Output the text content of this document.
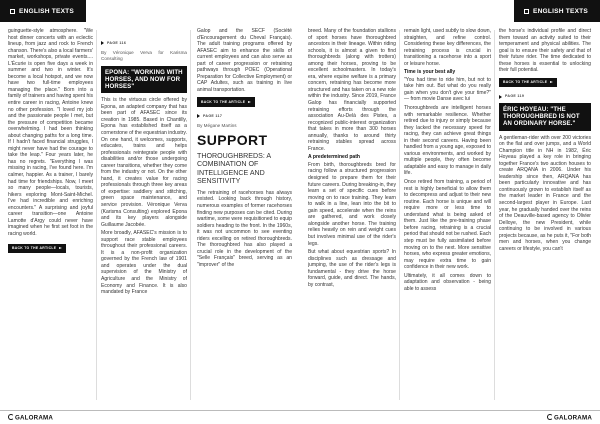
ENGLISH TEXTS

guinguette-style atmosphere. "We host dinner concerts with an eclectic lineup, from jazz and rock to French chanson. There's also a local farmers' market, workshops, private events.... L'Écurie is open five days a week in summer and two in winter. It's become a local hotspot, and we now have two full-time employees managing the place." Born into a family of trainers and having spent his entire career in racing, Antoine knew no other profession. "I loved my job and the passionate people I met, but the pressure of competition became overwhelming. I had been thinking about changing paths for a long time. If I hadn't faced financial struggles, I might never have had the courage to take the leap." Four years later, he has no regrets. "Everything I was missing in racing, I've found here. I'm calmer, happier. As a trainer, I barely had time for friendships. Now, I meet so many people—locals, tourists, hikers exploring Mont-Saint-Michel. I've had incredible and enriching encounters." A surprising and joyful career transition—one Antoine Lamotte d'Argy could never have imagined when he first set foot in the racing world.

BACK TO THE ARTICLE
PAGE 116
By Véronique Verva for Karisma Consulting
EPONA: "WORKING WITH HORSES, AND NOW FOR HORSES"

This is the virtuous circle offered by Epona, an adapted company that has been part of AFASEC since its creation in 1985. Based in Chantilly, Epona has established itself as a cornerstone of the equestrian industry. On one hand, it welcomes, supports, educates, trains and helps professionals reintegrate people with disabilities and/or those undergoing career transitions, whether they come from the industry or not. On the other hand, it creates value for racing professionals through three key areas of expertise: saddlery and stitching, green space maintenance, and service provision. Véronique Verva (Karisma Consulting) explored Epona and its key players alongside Guillaume Jacobée.

More broadly, AFASEC's mission is to support race stable employees throughout their professional careers. It is a non-profit organization governed by the French law of 1901 and operates under the dual supervision of the Ministry of Agriculture and the Ministry of Economy and Finance. It is also mandated by France

Galop and the SECF (Société d'Encouragement du Cheval Français). The adult training programs offered by AFASEC aim to enhance the skills of current employees and can also serve as part of career progression or retraining pathways through POEC (Operational Preparation for Collective Employment) or CAP Adultes, such as training in live animal transportation.

BACK TO THE ARTICLE
PAGE 117
By Mégane Martins
SUPPORT
THOROUGHBREDS: A COMBINATION OF INTELLIGENCE AND SENSITIVITY

The retraining of racehorses has always existed. Looking back through history, numerous examples of former racehorses finding new purposes can be cited. During wartime, some were requisitioned to equip soldiers heading to the front. In the 1960s, it was not uncommon to see eventing riders excelling on retired thoroughbreds. The thoroughbred has also played a crucial role in the development of the "Selle Français" breed, serving as an "improver" of the

GALORAMA
ENGLISH TEXTS

breed. Many of the foundation stallions of sport horses have thoroughbred ancestors in their lineage. Within riding schools, it is almost a given to find thoroughbreds (along with trotters) among their horses, proving to be excellent schoolmasters. In today's era, where equine welfare is a primary concern, retraining has become more structured and has taken on a new role within the industry. Since 2019, France Galop has financially supported retraining efforts through the association Au-Delà des Pistes, a recognized public-interest organization that takes in more than 300 horses annually, thanks to around thirty retraining stables spread across France.

A predetermined path

From birth, thoroughbreds bred for racing follow a structured progression designed to prepare them for their future careers. During breaking-in, they learn a set of specific cues before moving on to race training. They learn to walk in a line, lean into the bit to gain speed, accelerate when the reins are gathered, and work closely alongside another horse. The training relies heavily on rein and weight cues but involves minimal use of the rider's legs.

But what about equestrian sports? In disciplines such as dressage and jumping, the use of the rider's legs is fundamental - they drive the horse forward, guide, and direct. The hands, by contrast,

remain light, used subtly to slow down, straighten, and refine control. Considering these key differences, the retraining process is crucial in transitioning a racehorse into a sport or leisure horse.

Time is your best ally

"You had time to ride him, but not to take him out. But what do you really gain when you don't give your time?" — from movie Danse avec lui

Thoroughbreds are intelligent horses with remarkable resilience. Whether retired due to injury or simply because they lacked the necessary speed for racing, they can achieve great things in their second careers. Having been handled from a young age, exposed to various environments, and worked by multiple people, they often become adaptable and easy to manage in daily life.

Once retired from training, a period of rest is highly beneficial to allow them to decompress and adjust to their new routine. Each horse is unique and will require more or less time to understand what is being asked of them. Just like the pre-training phase before racing, retraining is a crucial period that should not be rushed. Each step must be fully assimilated before moving on to the next. More sensitive horses, who express greater emotions, may require extra time to gain confidence in their new work.

Ultimately, it all comes down to adaptation and observation - being able to assess

the horse's individual profile and direct them toward an activity suited to their temperament and physical abilities. The goal is to ensure their safety and that of their future rider. The time dedicated to these horses is essential to unlocking their full potential.

BACK TO THE ARTICLE
PAGE 119
ÉRIC HOYEAU: "THE THOROUGHBRED IS NOT AN ORDINARY HORSE."

A gentleman-rider with over 200 victories on the flat and over jumps, and a World Champion title in NH in 1982, Éric Hoyeau played a key role in bringing together France's two auction houses to create ARQANA in 2006. Under his leadership since then, ARQANA has been particularly innovative and has continuously grown to establish itself as the market leader in France and the second-largest player in Europe. Last year, he gradually handed over the reins of the Deauville-based agency to Olivier Delloye, the new President, while continuing to be involved in various projects because, as he puts it, "For both men and horses, when you change careers or lifestyle, you can't

GALORAMA
